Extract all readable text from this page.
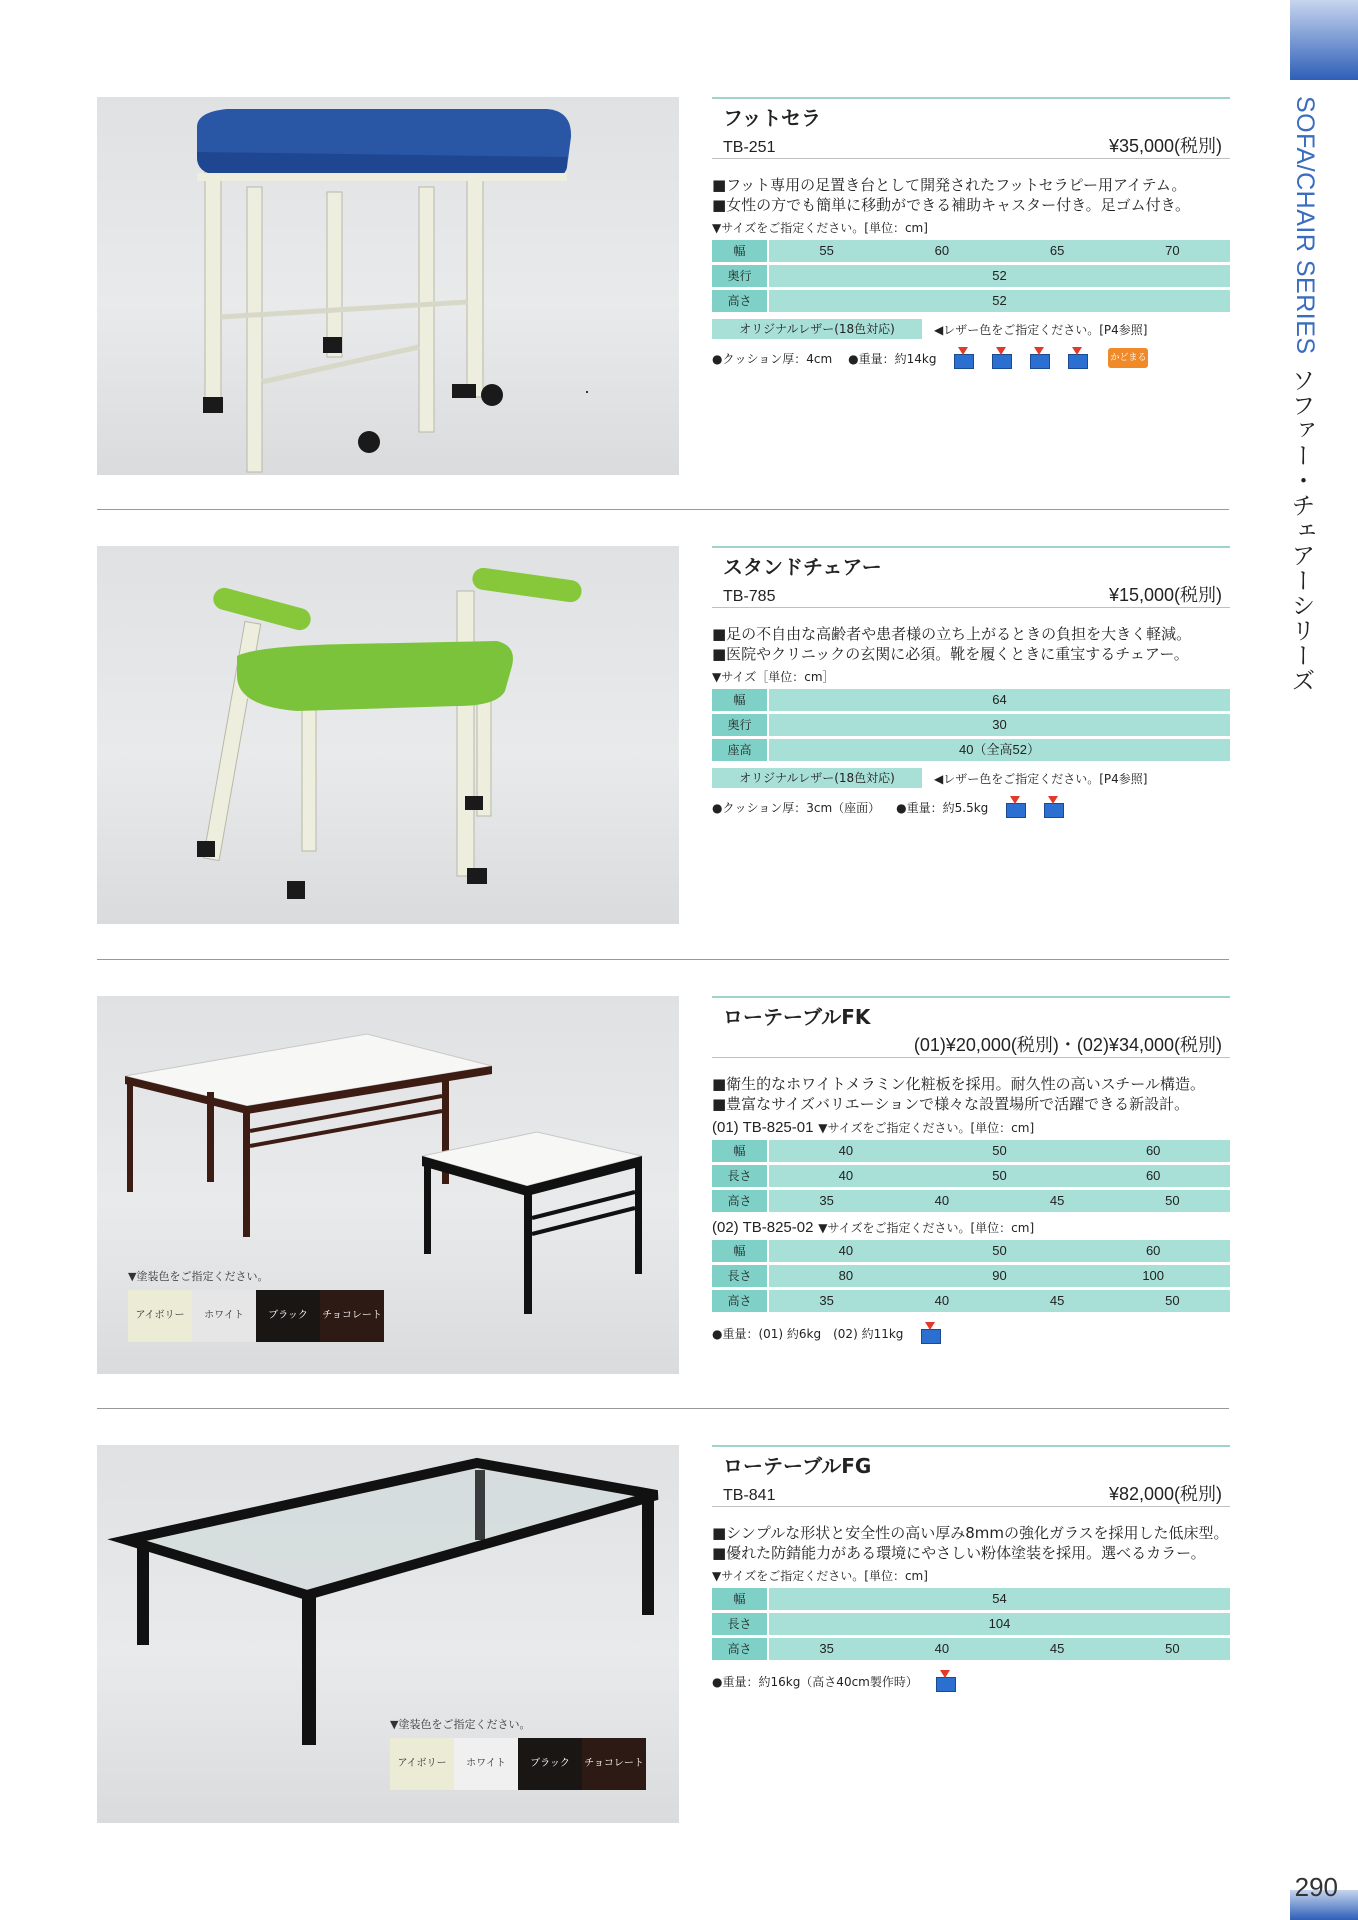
SOFA/CHAIR SERIES
ソファー・チェアーシリーズ
290
フットセラ
TB-251	¥35,000(税別)
■フット専用の足置き台として開発されたフットセラピー用アイテム。
■女性の方でも簡単に移動ができる補助キャスター付き。足ゴム付き。
▼サイズをご指定ください。[単位：cm]
幅	55	60	65	70
奥行	52
高さ	52
オリジナルレザー(18色対応)	◀レザー色をご指定ください。[P4参照]
●クッション厚：4cm ●重量：約14kg	かどまる
スタンドチェアー
TB-785	¥15,000(税別)
■足の不自由な高齢者や患者様の立ち上がるときの負担を大きく軽減。
■医院やクリニックの玄関に必須。靴を履くときに重宝するチェアー。
▼サイズ［単位：cm］
幅	64
奥行	30
座高	40（全高52）
オリジナルレザー(18色対応)	◀レザー色をご指定ください。[P4参照]
●クッション厚：3cm（座面） ●重量：約5.5kg
▼塗装色をご指定ください。
アイボリー	ホワイト	ブラック	チョコレート
ローテーブルFK
(01)¥20,000(税別)・(02)¥34,000(税別)
■衛生的なホワイトメラミン化粧板を採用。耐久性の高いスチール構造。
■豊富なサイズバリエーションで様々な設置場所で活躍できる新設計。
(01) TB-825-01 ▼サイズをご指定ください。[単位：cm]
幅	40	50	60
長さ	40	50	60
高さ	35	40	45	50
(02) TB-825-02 ▼サイズをご指定ください。[単位：cm]
幅	40	50	60
長さ	80	90	100
高さ	35	40	45	50
●重量：(01) 約6kg　(02) 約11kg
▼塗装色をご指定ください。
アイボリー	ホワイト	ブラック	チョコレート
ローテーブルFG
TB-841	¥82,000(税別)
■シンプルな形状と安全性の高い厚み8mmの強化ガラスを採用した低床型。
■優れた防錆能力がある環境にやさしい粉体塗装を採用。選べるカラー。
▼サイズをご指定ください。[単位：cm]
幅	54
長さ	104
高さ	35	40	45	50
●重量：約16kg（高さ40cm製作時）
